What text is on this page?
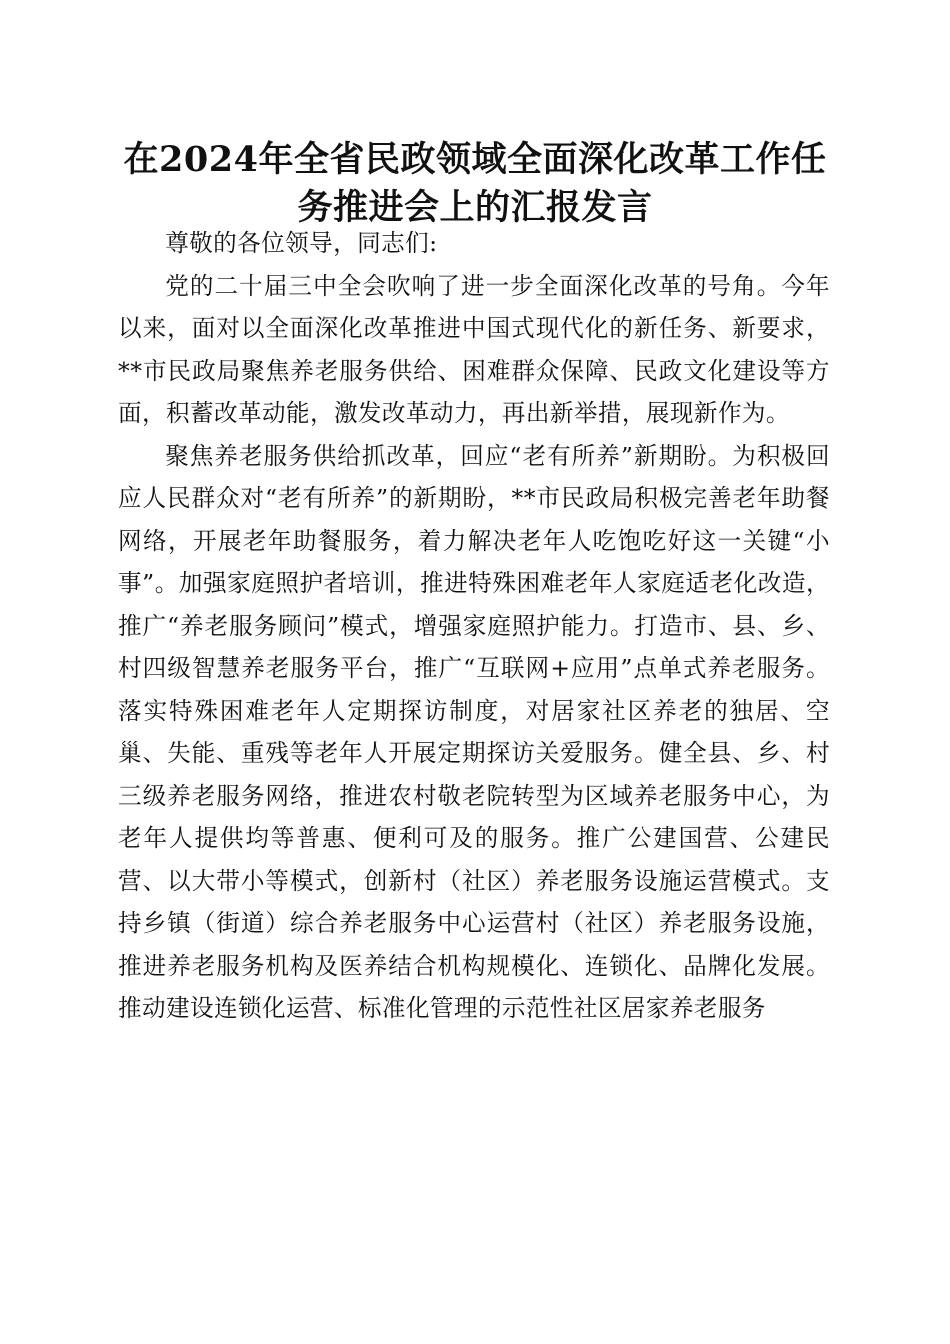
在2024年全省民政领域全面深化改革工作任
务推进会上的汇报发言

尊敬的各位领导，同志们:

党的二十届三中全会吹响了进一步全面深化改革的号角。今年以来，面对以全面深化改革推进中国式现代化的新任务、新要求，**市民政局聚焦养老服务供给、困难群众保障、民政文化建设等方面，积蓄改革动能，激发改革动力，再出新举措，展现新作为。

聚焦养老服务供给抓改革，回应“老有所养”新期盼。为积极回应人民群众对“老有所养”的新期盼，**市民政局积极完善老年助餐网络，开展老年助餐服务，着力解决老年人吃饱吃好这一关键“小事”。加强家庭照护者培训，推进特殊困难老年人家庭适老化改造，推广“养老服务顾问”模式，增强家庭照护能力。打造市、县、乡、村四级智慧养老服务平台，推广“互联网+应用”点单式养老服务。落实特殊困难老年人定期探访制度，对居家社区养老的独居、空巢、失能、重残等老年人开展定期探访关爱服务。健全县、乡、村三级养老服务网络，推进农村敬老院转型为区域养老服务中心，为老年人提供均等普惠、便利可及的服务。推广公建国营、公建民营、以大带小等模式，创新村（社区）养老服务设施运营模式。支持乡镇（街道）综合养老服务中心运营村（社区）养老服务设施，推进养老服务机构及医养结合机构规模化、连锁化、品牌化发展。推动建设连锁化运营、标准化管理的示范性社区居家养老服务
